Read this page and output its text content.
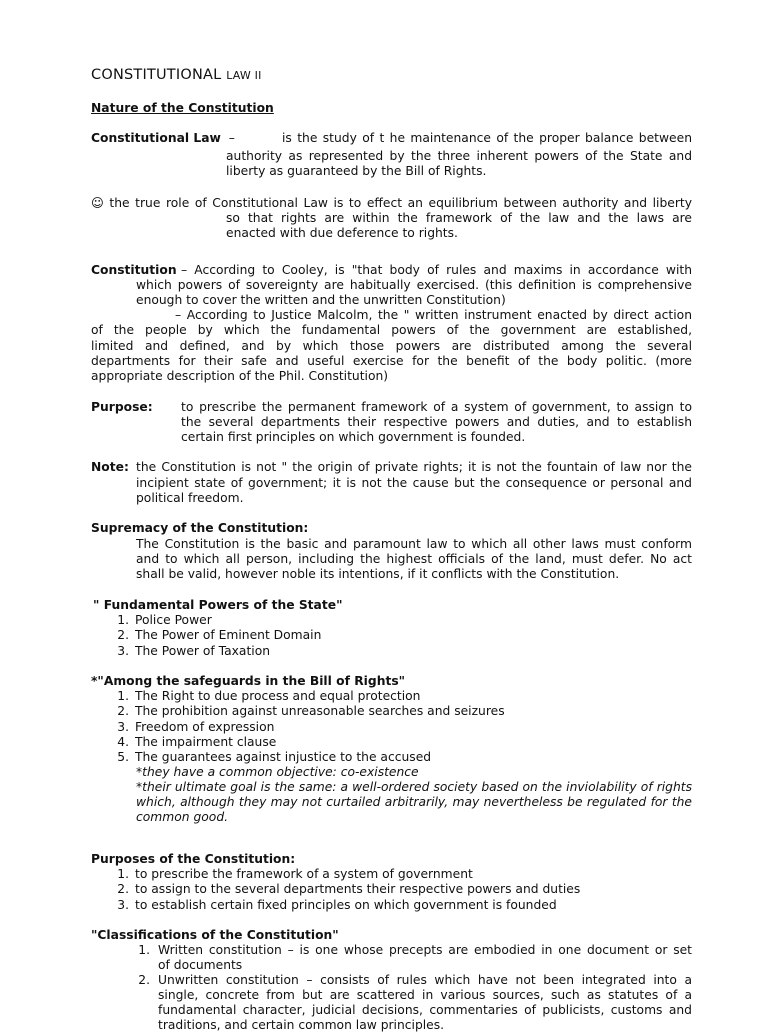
CONSTITUTIONAL LAW II
Nature of the Constitution
Constitutional Law –	is the study of t he maintenance of the proper balance between
authority as represented by the three inherent powers of the State and
liberty as guaranteed by the Bill of Rights.
☺ the true role of Constitutional Law is to effect an equilibrium between authority and liberty
so that rights are within the framework of the law and the laws are
enacted with due deference to rights.
Constitution – According to Cooley, is "that body of rules and maxims in accordance with
which powers of sovereignty are habitually exercised. (this definition is comprehensive
enough to cover the written and the unwritten Constitution)
– According to Justice Malcolm, the " written instrument enacted by direct action
of the people by which the fundamental powers of the government are established,
limited and defined, and by which those powers are distributed among the several
departments for their safe and useful exercise for the benefit of the body politic. (more
appropriate description of the Phil. Constitution)
Purpose: to prescribe the permanent framework of a system of government, to assign to
the several departments their respective powers and duties, and to establish
certain first principles on which government is founded.
Note: the Constitution is not " the origin of private rights; it is not the fountain of law nor the
incipient state of government; it is not the cause but the consequence or personal and
political freedom.
Supremacy of the Constitution:
The Constitution is the basic and paramount law to which all other laws must conform
and to which all person, including the highest officials of the land, must defer. No act
shall be valid, however noble its intentions, if it conflicts with the Constitution.
" Fundamental Powers of the State"
1. Police Power
2. The Power of Eminent Domain
3. The Power of Taxation
*"Among the safeguards in the Bill of Rights"
1. The Right to due process and equal protection
2. The prohibition against unreasonable searches and seizures
3. Freedom of expression
4. The impairment clause
5. The guarantees against injustice to the accused
*they have a common objective: co-existence
*their ultimate goal is the same: a well-ordered society based on the inviolability of rights
which, although they may not curtailed arbitrarily, may nevertheless be regulated for the
common good.
Purposes of the Constitution:
1. to prescribe the framework of a system of government
2. to assign to the several departments their respective powers and duties
3. to establish certain fixed principles on which government is founded
"Classifications of the Constitution"
1. Written constitution – is one whose precepts are embodied in one document or set
of documents
2. Unwritten constitution – consists of rules which have not been integrated into a
single, concrete from but are scattered in various sources, such as statutes of a
fundamental character, judicial decisions, commentaries of publicists, customs and
traditions, and certain common law principles.
